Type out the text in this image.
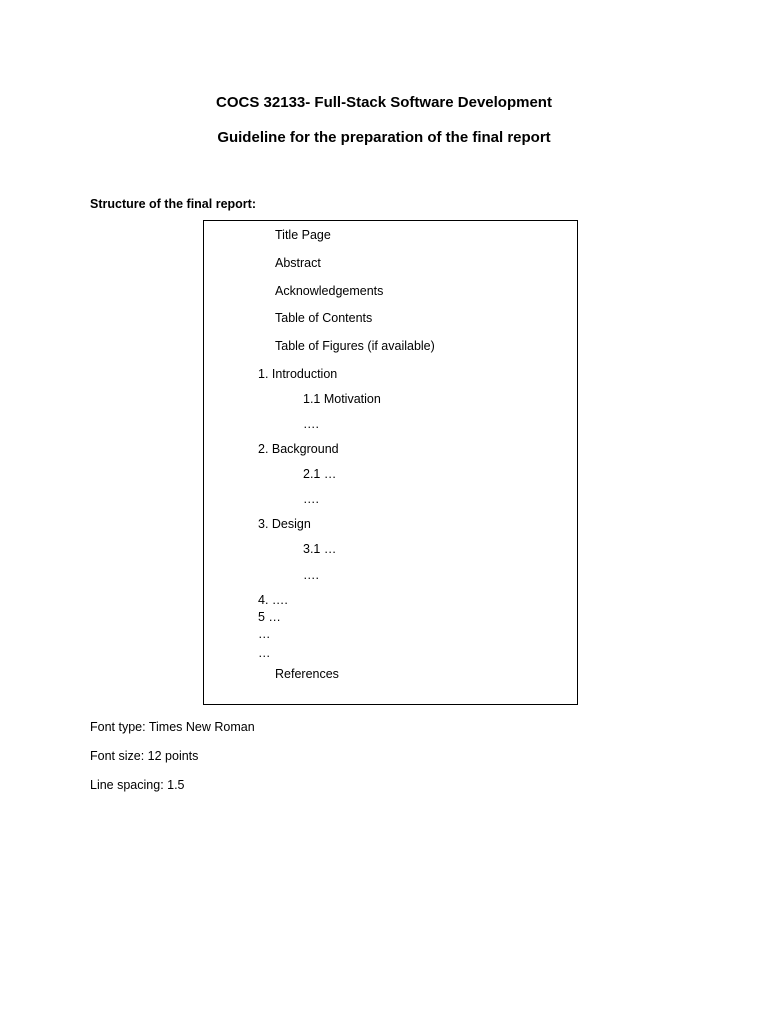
COCS 32133- Full-Stack Software Development
Guideline for the preparation of the final report
Structure of the final report:
Title Page
Abstract
Acknowledgements
Table of Contents
Table of Figures (if available)
1. Introduction
1.1 Motivation
….
2. Background
2.1 …
….
3. Design
3.1 …
….
4. ….
5 …
…
…
References
Font type: Times New Roman
Font size: 12 points
Line spacing: 1.5
